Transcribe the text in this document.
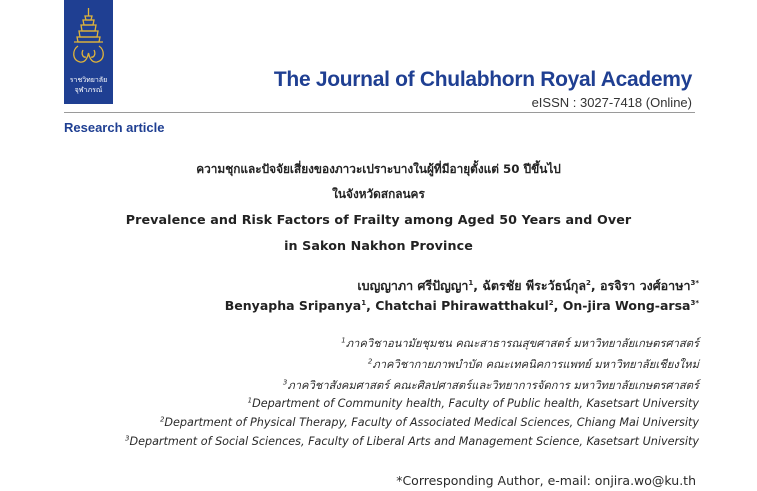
ราชวิทยาลัย
จุฬาภรณ์	The Journal of Chulabhorn Royal Academy
eISSN : 3027-7418 (Online)
Research article
ความชุกและปัจจัยเสี่ยงของภาวะเปราะบางในผู้ที่มีอายุตั้งแต่ 50 ปีขึ้นไป
ในจังหวัดสกลนคร
Prevalence and Risk Factors of Frailty among Aged 50 Years and Over
in Sakon Nakhon Province
เบญญาภา ศรีปัญญา$^1$, ฉัตรชัย พีระวัธน์กุล$^2$, อรจิรา วงศ์อาษา$^{3*}$
Benyapha Sripanya$^1$, Chatchai Phirawatthakul$^2$, On-jira Wong-arsa$^{3*}$
$^1$ภาควิชาอนามัยชุมชน คณะสาธารณสุขศาสตร์ มหาวิทยาลัยเกษตรศาสตร์
$^2$ภาควิชากายภาพบำบัด คณะเทคนิคการแพทย์ มหาวิทยาลัยเชียงใหม่
$^3$ภาควิชาสังคมศาสตร์ คณะศิลปศาสตร์และวิทยาการจัดการ มหาวิทยาลัยเกษตรศาสตร์
$^1$Department of Community health, Faculty of Public health, Kasetsart University
$^2$Department of Physical Therapy, Faculty of Associated Medical Sciences, Chiang Mai University
$^3$Department of Social Sciences, Faculty of Liberal Arts and Management Science, Kasetsart University
*Corresponding Author, e-mail: onjira.wo@ku.th
